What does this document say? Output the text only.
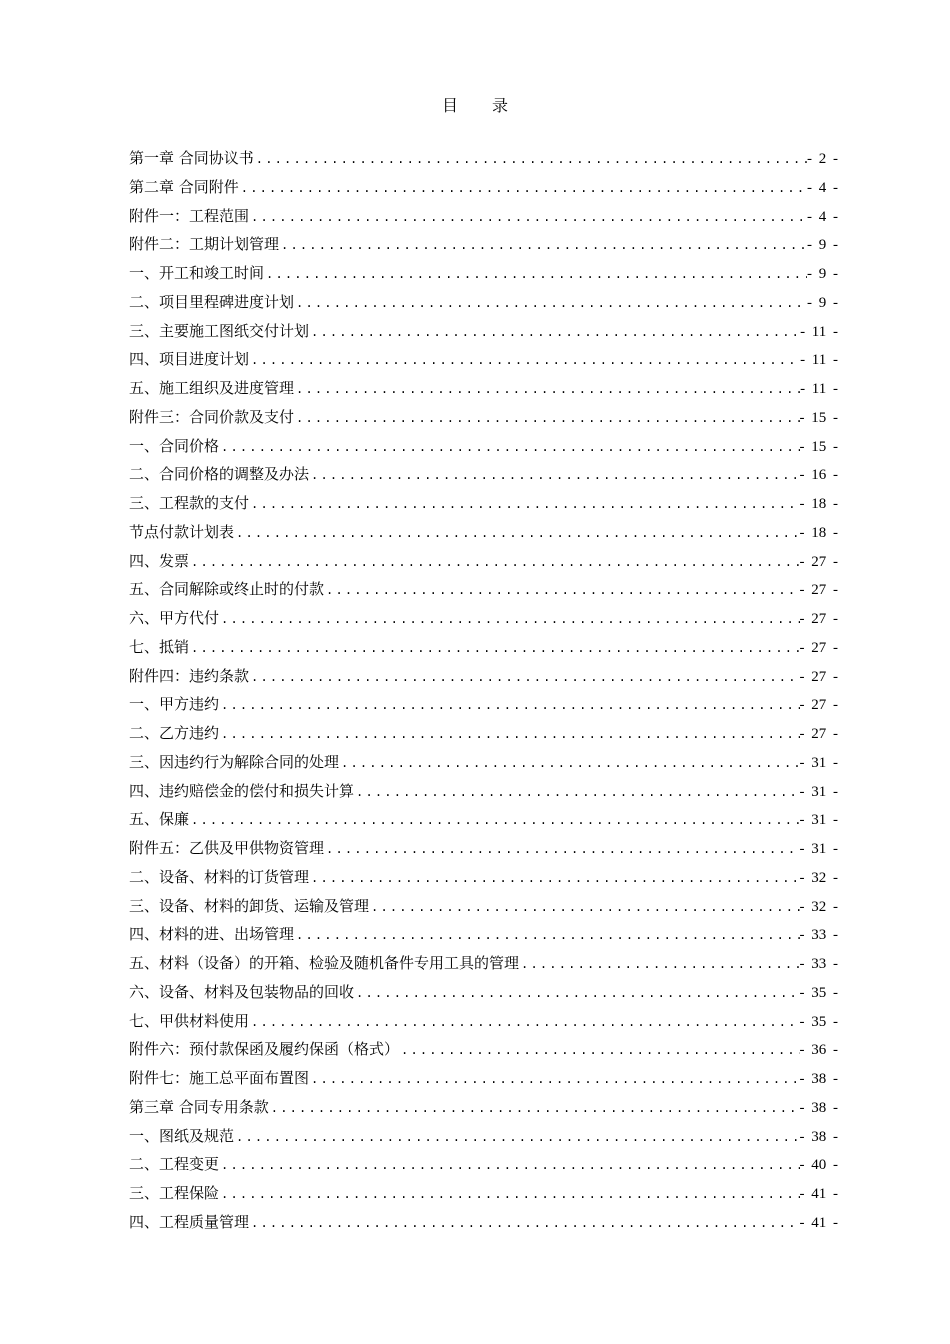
目 录
第一章 合同协议书 .....	- 2 -
第二章 合同附件 .....	- 4 -
附件一：工程范围 .....	- 4 -
附件二：工期计划管理 .....	- 9 -
一、开工和竣工时间 .....	- 9 -
二、项目里程碑进度计划 .....	- 9 -
三、主要施工图纸交付计划 .....	- 11 -
四、项目进度计划 .....	- 11 -
五、施工组织及进度管理 .....	- 11 -
附件三：合同价款及支付 .....	- 15 -
一、合同价格 .....	- 15 -
二、合同价格的调整及办法 .....	- 16 -
三、工程款的支付 .....	- 18 -
节点付款计划表 .....	- 18 -
四、发票 .....	- 27 -
五、合同解除或终止时的付款 .....	- 27 -
六、甲方代付 .....	- 27 -
七、抵销 .....	- 27 -
附件四：违约条款 .....	- 27 -
一、甲方违约 .....	- 27 -
二、乙方违约 .....	- 27 -
三、因违约行为解除合同的处理 .....	- 31 -
四、违约赔偿金的偿付和损失计算 .....	- 31 -
五、保廉 .....	- 31 -
附件五：乙供及甲供物资管理 .....	- 31 -
二、设备、材料的订货管理 .....	- 32 -
三、设备、材料的卸货、运输及管理 .....	- 32 -
四、材料的进、出场管理 .....	- 33 -
五、材料（设备）的开箱、检验及随机备件专用工具的管理 .....	- 33 -
六、设备、材料及包装物品的回收 .....	- 35 -
七、甲供材料使用 .....	- 35 -
附件六：预付款保函及履约保函（格式） .....	- 36 -
附件七：施工总平面布置图 .....	- 38 -
第三章 合同专用条款 .....	- 38 -
一、图纸及规范 .....	- 38 -
二、工程变更 .....	- 40 -
三、工程保险 .....	- 41 -
四、工程质量管理 .....	- 41 -
